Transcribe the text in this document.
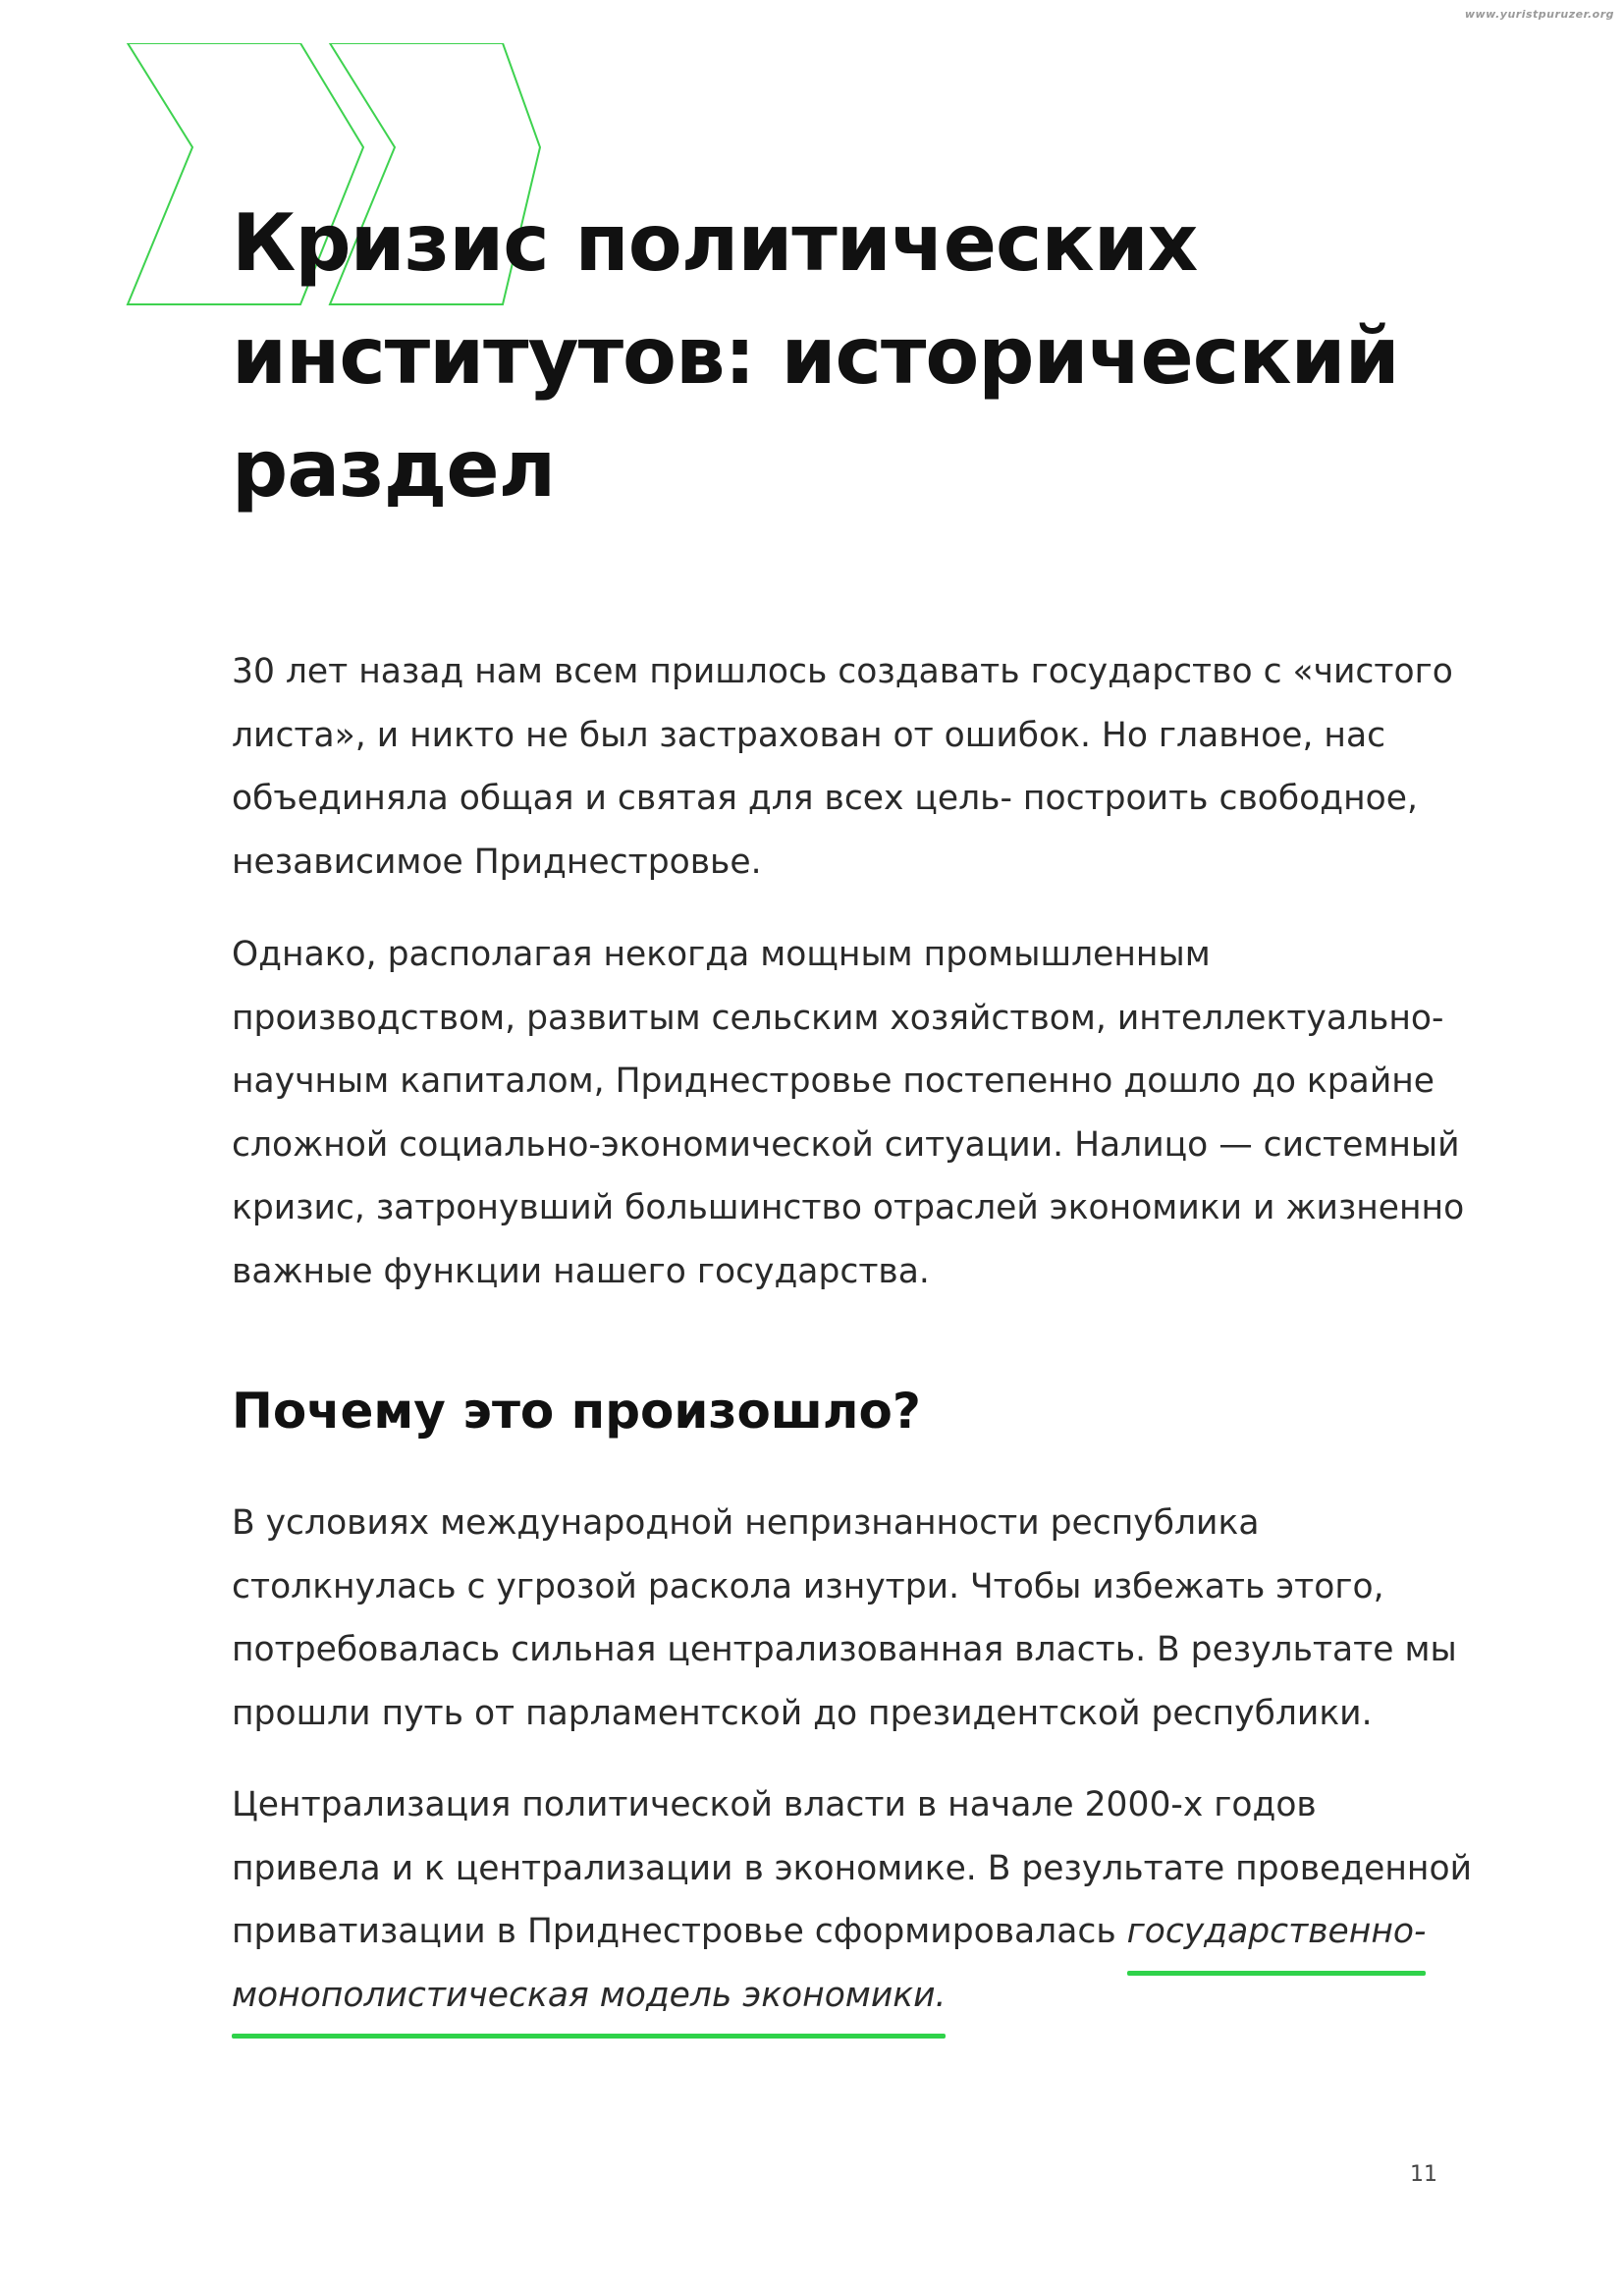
www.yuristpuruzer.org
Кризис политических
институтов: исторический
раздел

30 лет назад нам всем пришлось создавать государство с «чистого
листа», и никто не был застрахован от ошибок. Но главное, нас
объединяла общая и святая для всех цель- построить свободное,
независимое Приднестровье.

Однако, располагая некогда мощным промышленным
производством, развитым сельским хозяйством, интеллектуально-
научным капиталом, Приднестровье постепенно дошло до крайне
сложной социально-экономической ситуации. Налицо — системный
кризис, затронувший большинство отраслей экономики и жизненно
важные функции нашего государства.

Почему это произошло?

В условиях международной непризнанности республика
столкнулась с угрозой раскола изнутри. Чтобы избежать этого,
потребовалась сильная централизованная власть. В результате мы
прошли путь от парламентской до президентской республики.

Централизация политической власти в начале 2000-х годов
привела и к централизации в экономике. В результате проведенной
приватизации в Приднестровье сформировалась государственно-
монополистическая модель экономики.

11
